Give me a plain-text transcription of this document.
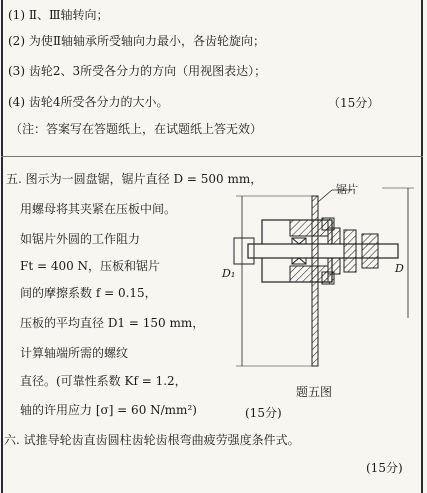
(1) Ⅱ、Ⅲ轴转向；
(2) 为使Ⅱ轴轴承所受轴向力最小，各齿轮旋向；
(3) 齿轮2、3所受各分力的方向（用视图表达）；
(4) 齿轮4所受各分力的大小。	（15分）
（注：答案写在答题纸上，在试题纸上答无效）
五. 图示为一圆盘锯，锯片直径 D = 500 mm，
用螺母将其夹紧在压板中间。
如锯片外圆的工作阻力
Ft = 400 N，压板和锯片
间的摩擦系数 f = 0.15，
压板的平均直径 D1 = 150 mm，
计算轴端所需的螺纹
直径。(可靠性系数 Kf = 1.2，
轴的许用应力 [σ] = 60 N/mm²)	(15分)
锯片
D₁	D
题五图
六. 试推导轮齿直齿圆柱齿轮齿根弯曲疲劳强度条件式。
(15分)
